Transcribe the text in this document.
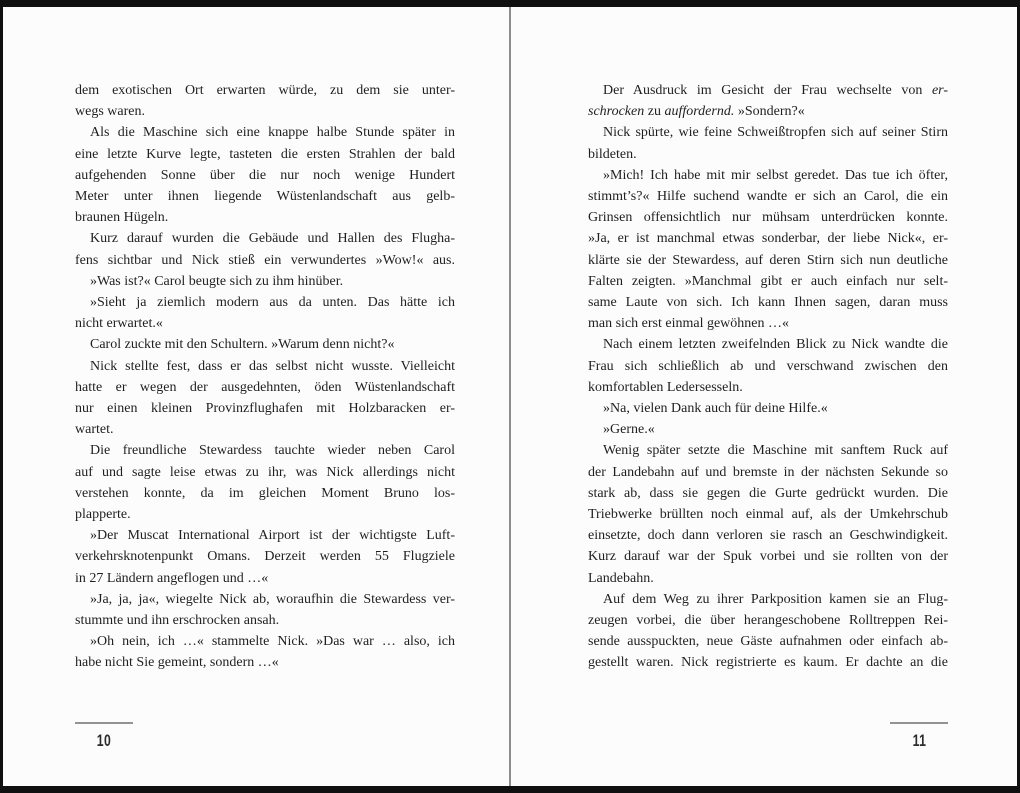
dem exotischen Ort erwarten würde, zu dem sie unter-
wegs waren.
Als die Maschine sich eine knappe halbe Stunde später in
eine letzte Kurve legte, tasteten die ersten Strahlen der bald
aufgehenden Sonne über die nur noch wenige Hundert
Meter unter ihnen liegende Wüstenlandschaft aus gelb-
braunen Hügeln.
Kurz darauf wurden die Gebäude und Hallen des Flugha-
fens sichtbar und Nick stieß ein verwundertes »Wow!« aus.
»Was ist?« Carol beugte sich zu ihm hinüber.
»Sieht ja ziemlich modern aus da unten. Das hätte ich
nicht erwartet.«
Carol zuckte mit den Schultern. »Warum denn nicht?«
Nick stellte fest, dass er das selbst nicht wusste. Vielleicht
hatte er wegen der ausgedehnten, öden Wüstenlandschaft
nur einen kleinen Provinzflughafen mit Holzbaracken er-
wartet.
Die freundliche Stewardess tauchte wieder neben Carol
auf und sagte leise etwas zu ihr, was Nick allerdings nicht
verstehen konnte, da im gleichen Moment Bruno los-
plapperte.
»Der Muscat International Airport ist der wichtigste Luft-
verkehrsknotenpunkt Omans. Derzeit werden 55 Flugziele
in 27 Ländern angeflogen und …«
»Ja, ja, ja«, wiegelte Nick ab, woraufhin die Stewardess ver-
stummte und ihn erschrocken ansah.
»Oh nein, ich …« stammelte Nick. »Das war … also, ich
habe nicht Sie gemeint, sondern …«
10
Der Ausdruck im Gesicht der Frau wechselte von er-
schrocken zu auffordernd. »Sondern?«
Nick spürte, wie feine Schweißtropfen sich auf seiner Stirn
bildeten.
»Mich! Ich habe mit mir selbst geredet. Das tue ich öfter,
stimmt’s?« Hilfe suchend wandte er sich an Carol, die ein
Grinsen offensichtlich nur mühsam unterdrücken konnte.
»Ja, er ist manchmal etwas sonderbar, der liebe Nick«, er-
klärte sie der Stewardess, auf deren Stirn sich nun deutliche
Falten zeigten. »Manchmal gibt er auch einfach nur selt-
same Laute von sich. Ich kann Ihnen sagen, daran muss
man sich erst einmal gewöhnen …«
Nach einem letzten zweifelnden Blick zu Nick wandte die
Frau sich schließlich ab und verschwand zwischen den
komfortablen Ledersesseln.
»Na, vielen Dank auch für deine Hilfe.«
»Gerne.«
Wenig später setzte die Maschine mit sanftem Ruck auf
der Landebahn auf und bremste in der nächsten Sekunde so
stark ab, dass sie gegen die Gurte gedrückt wurden. Die
Triebwerke brüllten noch einmal auf, als der Umkehrschub
einsetzte, doch dann verloren sie rasch an Geschwindigkeit.
Kurz darauf war der Spuk vorbei und sie rollten von der
Landebahn.
Auf dem Weg zu ihrer Parkposition kamen sie an Flug-
zeugen vorbei, die über herangeschobene Rolltreppen Rei-
sende ausspuckten, neue Gäste aufnahmen oder einfach ab-
gestellt waren. Nick registrierte es kaum. Er dachte an die
11
